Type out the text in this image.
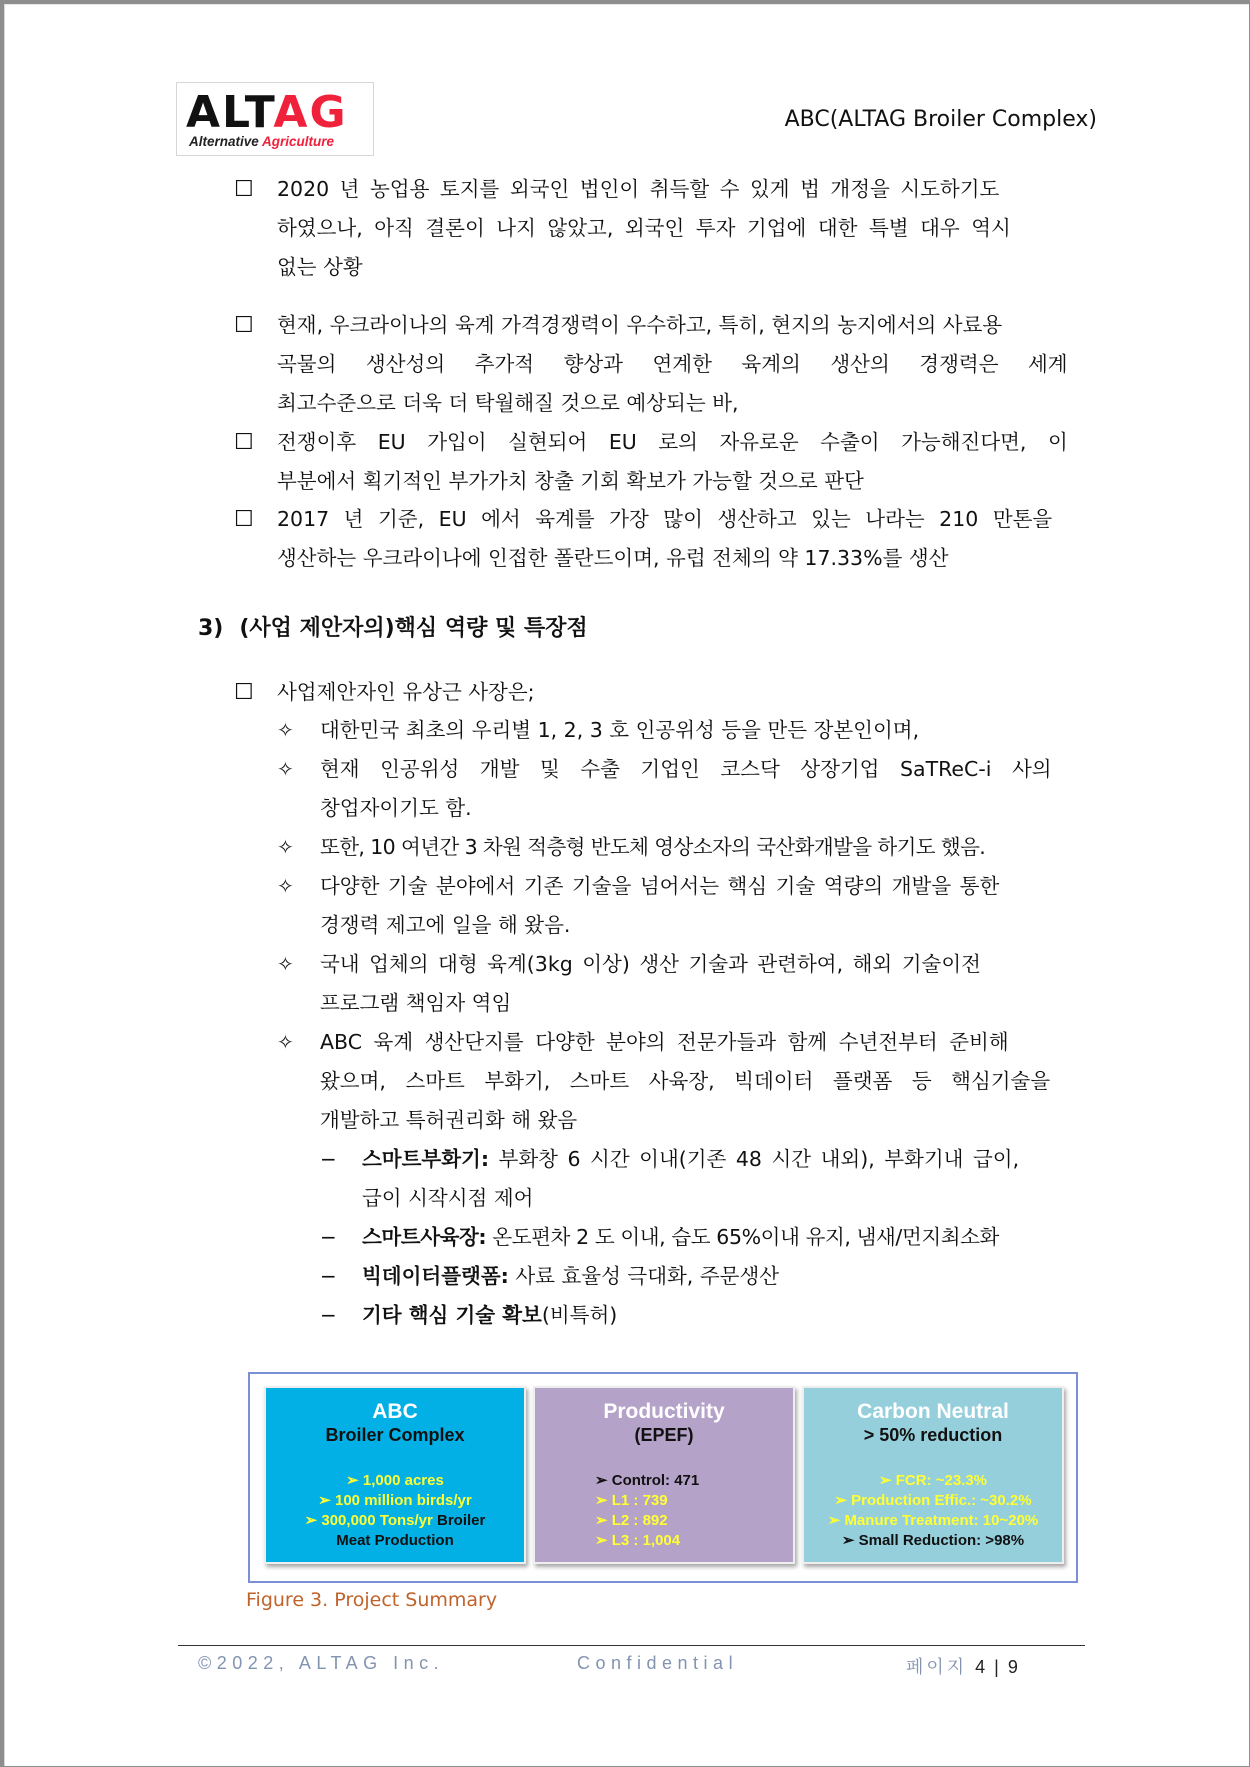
ALTAG
Alternative Agriculture
ABC(ALTAG Broiler Complex)
☐ 2020 년 농업용 토지를 외국인 법인이 취득할 수 있게 법 개정을 시도하기도
하였으나, 아직 결론이 나지 않았고, 외국인 투자 기업에 대한 특별 대우 역시
없는 상황
☐ 현재, 우크라이나의 육계 가격경쟁력이 우수하고, 특히, 현지의 농지에서의 사료용
곡물의 생산성의 추가적 향상과 연계한 육계의 생산의 경쟁력은 세계
최고수준으로 더욱 더 탁월해질 것으로 예상되는 바,
☐ 전쟁이후 EU 가입이 실현되어 EU 로의 자유로운 수출이 가능해진다면, 이
부분에서 획기적인 부가가치 창출 기회 확보가 가능할 것으로 판단
☐ 2017 년 기준, EU 에서 육계를 가장 많이 생산하고 있는 나라는 210 만톤을
생산하는 우크라이나에 인접한 폴란드이며, 유럽 전체의 약 17.33%를 생산
3) (사업 제안자의)핵심 역량 및 특장점
☐ 사업제안자인 유상근 사장은;
✧ 대한민국 최초의 우리별 1, 2, 3 호 인공위성 등을 만든 장본인이며,
✧ 현재 인공위성 개발 및 수출 기업인 코스닥 상장기업 SaTReC-i 사의
창업자이기도 함.
✧ 또한, 10 여년간 3 차원 적층형 반도체 영상소자의 국산화개발을 하기도 했음.
✧ 다양한 기술 분야에서 기존 기술을 넘어서는 핵심 기술 역량의 개발을 통한
경쟁력 제고에 일을 해 왔음.
✧ 국내 업체의 대형 육계(3kg 이상) 생산 기술과 관련하여, 해외 기술이전
프로그램 책임자 역임
✧ ABC 육계 생산단지를 다양한 분야의 전문가들과 함께 수년전부터 준비해
왔으며, 스마트 부화기, 스마트 사육장, 빅데이터 플랫폼 등 핵심기술을
개발하고 특허권리화 해 왔음
− 스마트부화기: 부화창 6 시간 이내(기존 48 시간 내외), 부화기내 급이,
급이 시작시점 제어
− 스마트사육장: 온도편차 2 도 이내, 습도 65%이내 유지, 냄새/먼지최소화
− 빅데이터플랫폼: 사료 효율성 극대화, 주문생산
− 기타 핵심 기술 확보(비특허)
ABC
Broiler Complex
➢ 1,000 acres
➢ 100 million birds/yr
➢ 300,000 Tons/yr Broiler
Meat Production
Productivity
(EPEF)
➢ Control: 471
➢ L1 : 739
➢ L2 : 892
➢ L3 : 1,004
Carbon Neutral
> 50% reduction
➢ FCR: ~23.3%
➢ Production Effic.: ~30.2%
➢ Manure Treatment: 10~20%
➢ Small Reduction: >98%
Figure 3. Project Summary
©2022, ALTAG Inc.	Confidential	페이지 4 | 9
